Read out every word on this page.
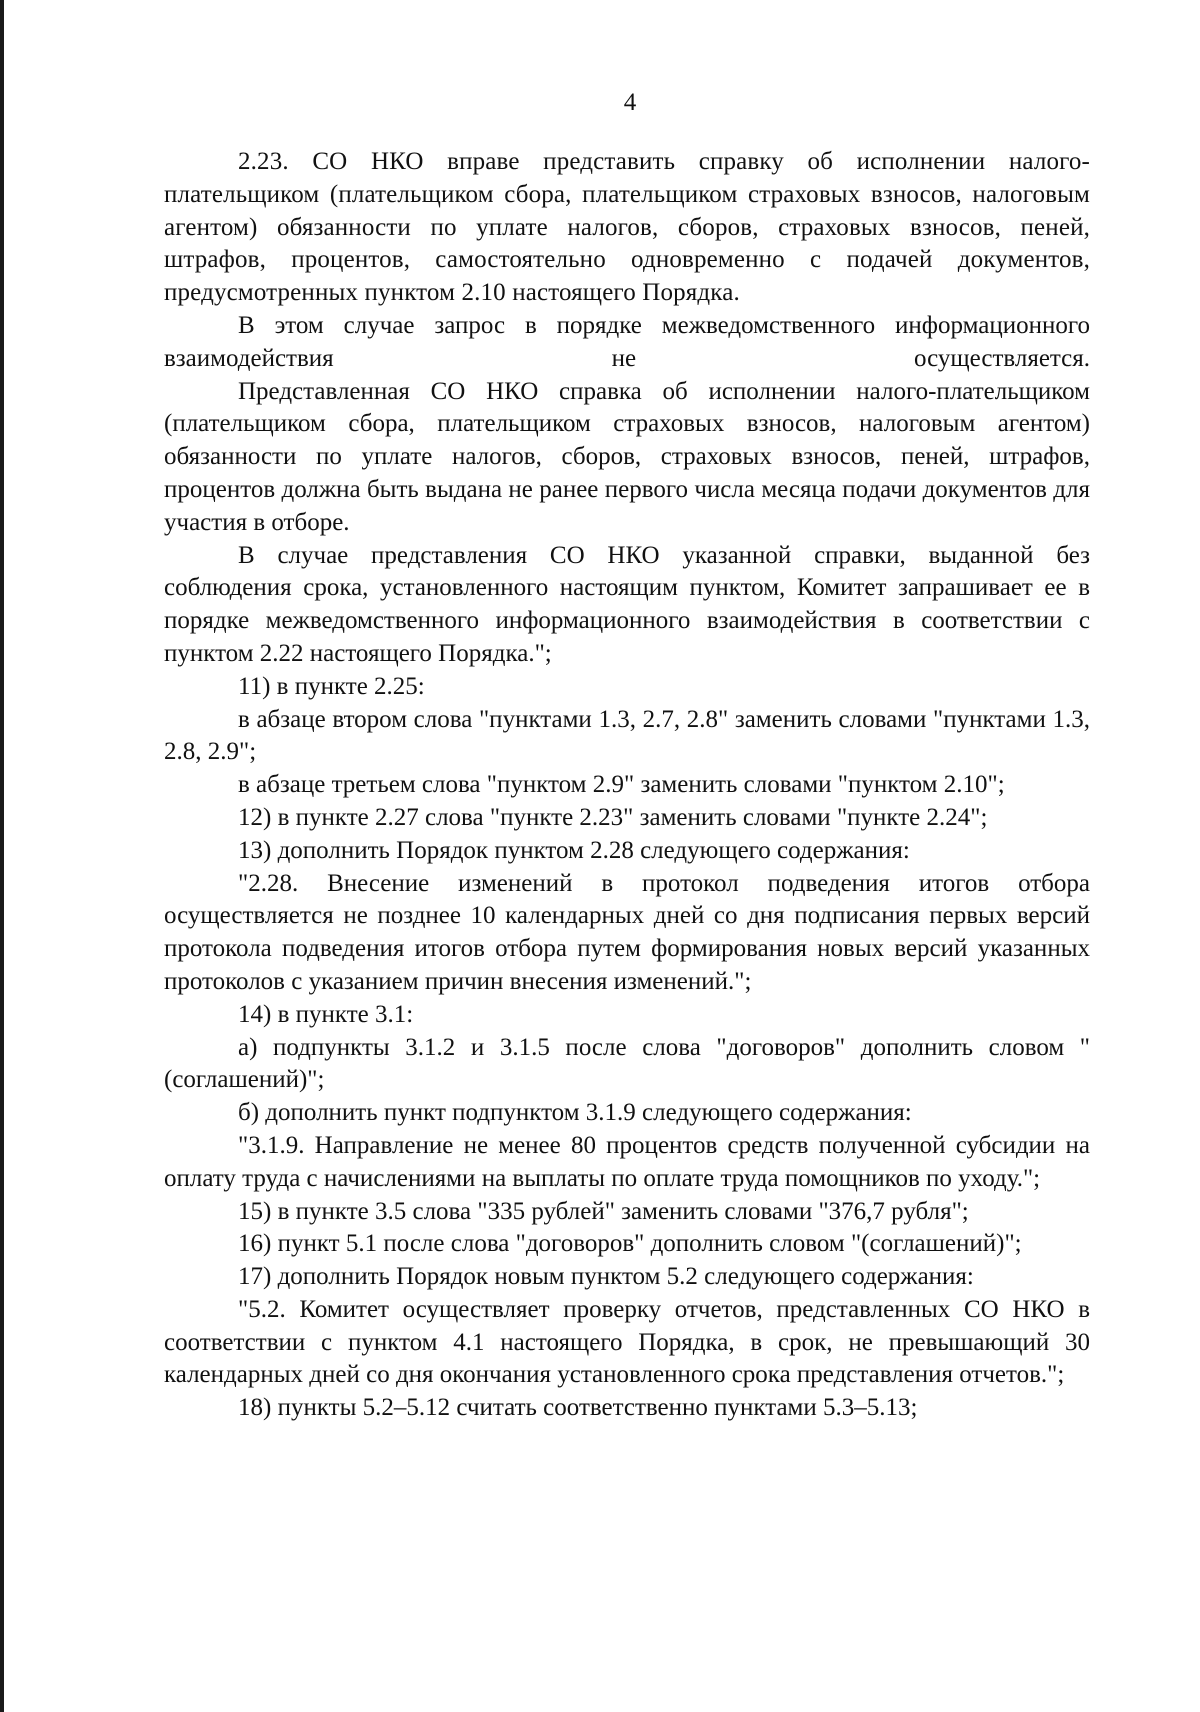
4

2.23. СО НКО вправе представить справку об исполнении налого-плательщиком (плательщиком сбора, плательщиком страховых взносов, налоговым агентом) обязанности по уплате налогов, сборов, страховых взносов, пеней, штрафов, процентов, самостоятельно одновременно с подачей документов, предусмотренных пунктом 2.10 настоящего Порядка.

В этом случае запрос в порядке межведомственного информационного взаимодействия не осуществляется.

Представленная СО НКО справка об исполнении налого-плательщиком (плательщиком сбора, плательщиком страховых взносов, налоговым агентом) обязанности по уплате налогов, сборов, страховых взносов, пеней, штрафов, процентов должна быть выдана не ранее первого числа месяца подачи документов для участия в отборе.

В случае представления СО НКО указанной справки, выданной без соблюдения срока, установленного настоящим пунктом, Комитет запрашивает ее в порядке межведомственного информационного взаимодействия в соответствии с пунктом 2.22 настоящего Порядка.";

11) в пункте 2.25:

в абзаце втором слова "пунктами 1.3, 2.7, 2.8" заменить словами "пунктами 1.3, 2.8, 2.9";

в абзаце третьем слова "пунктом 2.9" заменить словами "пунктом 2.10";

12) в пункте 2.27 слова "пункте 2.23" заменить словами "пункте 2.24";

13) дополнить Порядок пунктом 2.28 следующего содержания:

"2.28. Внесение изменений в протокол подведения итогов отбора осуществляется не позднее 10 календарных дней со дня подписания первых версий протокола подведения итогов отбора путем формирования новых версий указанных протоколов с указанием причин внесения изменений.";

14) в пункте 3.1:

а) подпункты 3.1.2 и 3.1.5 после слова "договоров" дополнить словом "(соглашений)";

б) дополнить пункт подпунктом 3.1.9 следующего содержания:

"3.1.9. Направление не менее 80 процентов средств полученной субсидии на оплату труда с начислениями на выплаты по оплате труда помощников по уходу.";

15) в пункте 3.5 слова "335 рублей" заменить словами "376,7 рубля";

16) пункт 5.1 после слова "договоров" дополнить словом "(соглашений)";

17) дополнить Порядок новым пунктом 5.2 следующего содержания:

"5.2. Комитет осуществляет проверку отчетов, представленных СО НКО в соответствии с пунктом 4.1 настоящего Порядка, в срок, не превышающий 30 календарных дней со дня окончания установленного срока представления отчетов.";

18) пункты 5.2–5.12 считать соответственно пунктами 5.3–5.13;
